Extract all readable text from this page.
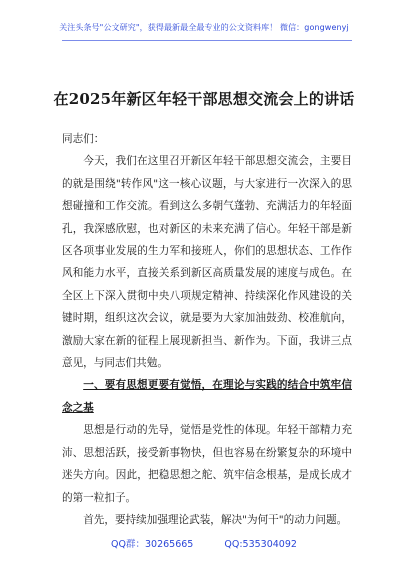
关注头条号"公文研究"，获得最新最全最专业的公文资料库！ 微信：gongwenyj
在2025年新区年轻干部思想交流会上的讲话

同志们：

今天，我们在这里召开新区年轻干部思想交流会，主要目的就是围绕"转作风"这一核心议题，与大家进行一次深入的思想碰撞和工作交流。看到这么多朝气蓬勃、充满活力的年轻面孔，我深感欣慰，也对新区的未来充满了信心。年轻干部是新区各项事业发展的生力军和接班人，你们的思想状态、工作作风和能力水平，直接关系到新区高质量发展的速度与成色。在全区上下深入贯彻中央八项规定精神、持续深化作风建设的关键时期，组织这次会议，就是要为大家加油鼓劲、校准航向，激励大家在新的征程上展现新担当、新作为。下面，我讲三点意见，与同志们共勉。

一、要有思想更要有觉悟，在理论与实践的结合中筑牢信念之基

思想是行动的先导，觉悟是党性的体现。年轻干部精力充沛、思想活跃，接受新事物快，但也容易在纷繁复杂的环境中迷失方向。因此，把稳思想之舵、筑牢信念根基，是成长成才的第一粒扣子。

首先，要持续加强理论武装，解决"为何干"的动力问题。

QQ群：30265665	QQ:535304092
